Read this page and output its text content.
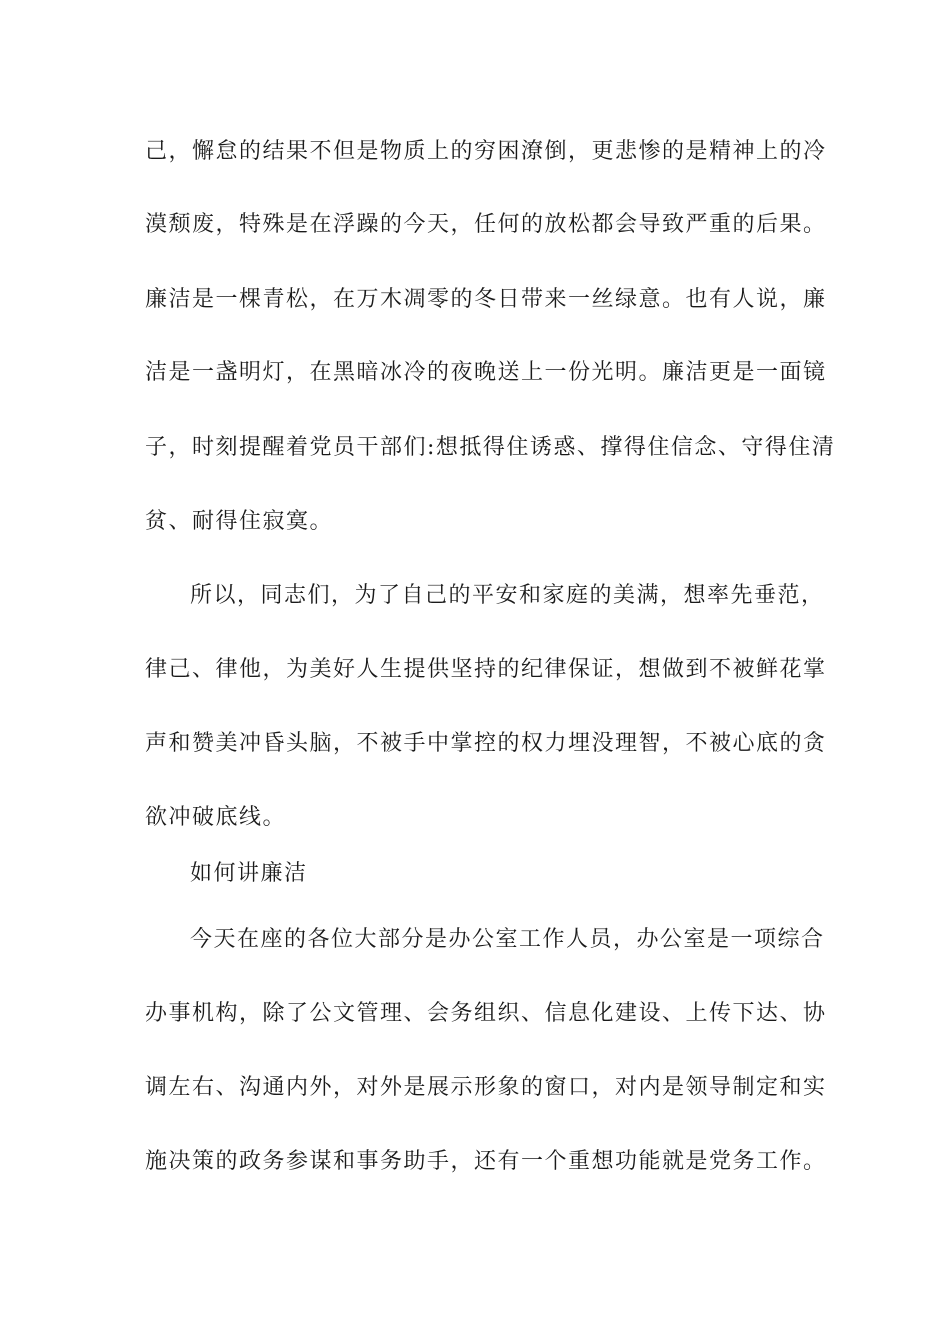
己，懈怠的结果不但是物质上的穷困潦倒，更悲惨的是精神上的冷
漠颓废，特殊是在浮躁的今天，任何的放松都会导致严重的后果。
廉洁是一棵青松，在万木凋零的冬日带来一丝绿意。也有人说，廉
洁是一盏明灯，在黑暗冰冷的夜晚送上一份光明。廉洁更是一面镜
子，时刻提醒着党员干部们:想抵得住诱惑、撑得住信念、守得住清
贫、耐得住寂寞。
所以，同志们，为了自己的平安和家庭的美满，想率先垂范，
律己、律他，为美好人生提供坚持的纪律保证，想做到不被鲜花掌
声和赞美冲昏头脑，不被手中掌控的权力埋没理智，不被心底的贪
欲冲破底线。
如何讲廉洁
今天在座的各位大部分是办公室工作人员，办公室是一项综合
办事机构，除了公文管理、会务组织、信息化建设、上传下达、协
调左右、沟通内外，对外是展示形象的窗口，对内是领导制定和实
施决策的政务参谋和事务助手，还有一个重想功能就是党务工作。
